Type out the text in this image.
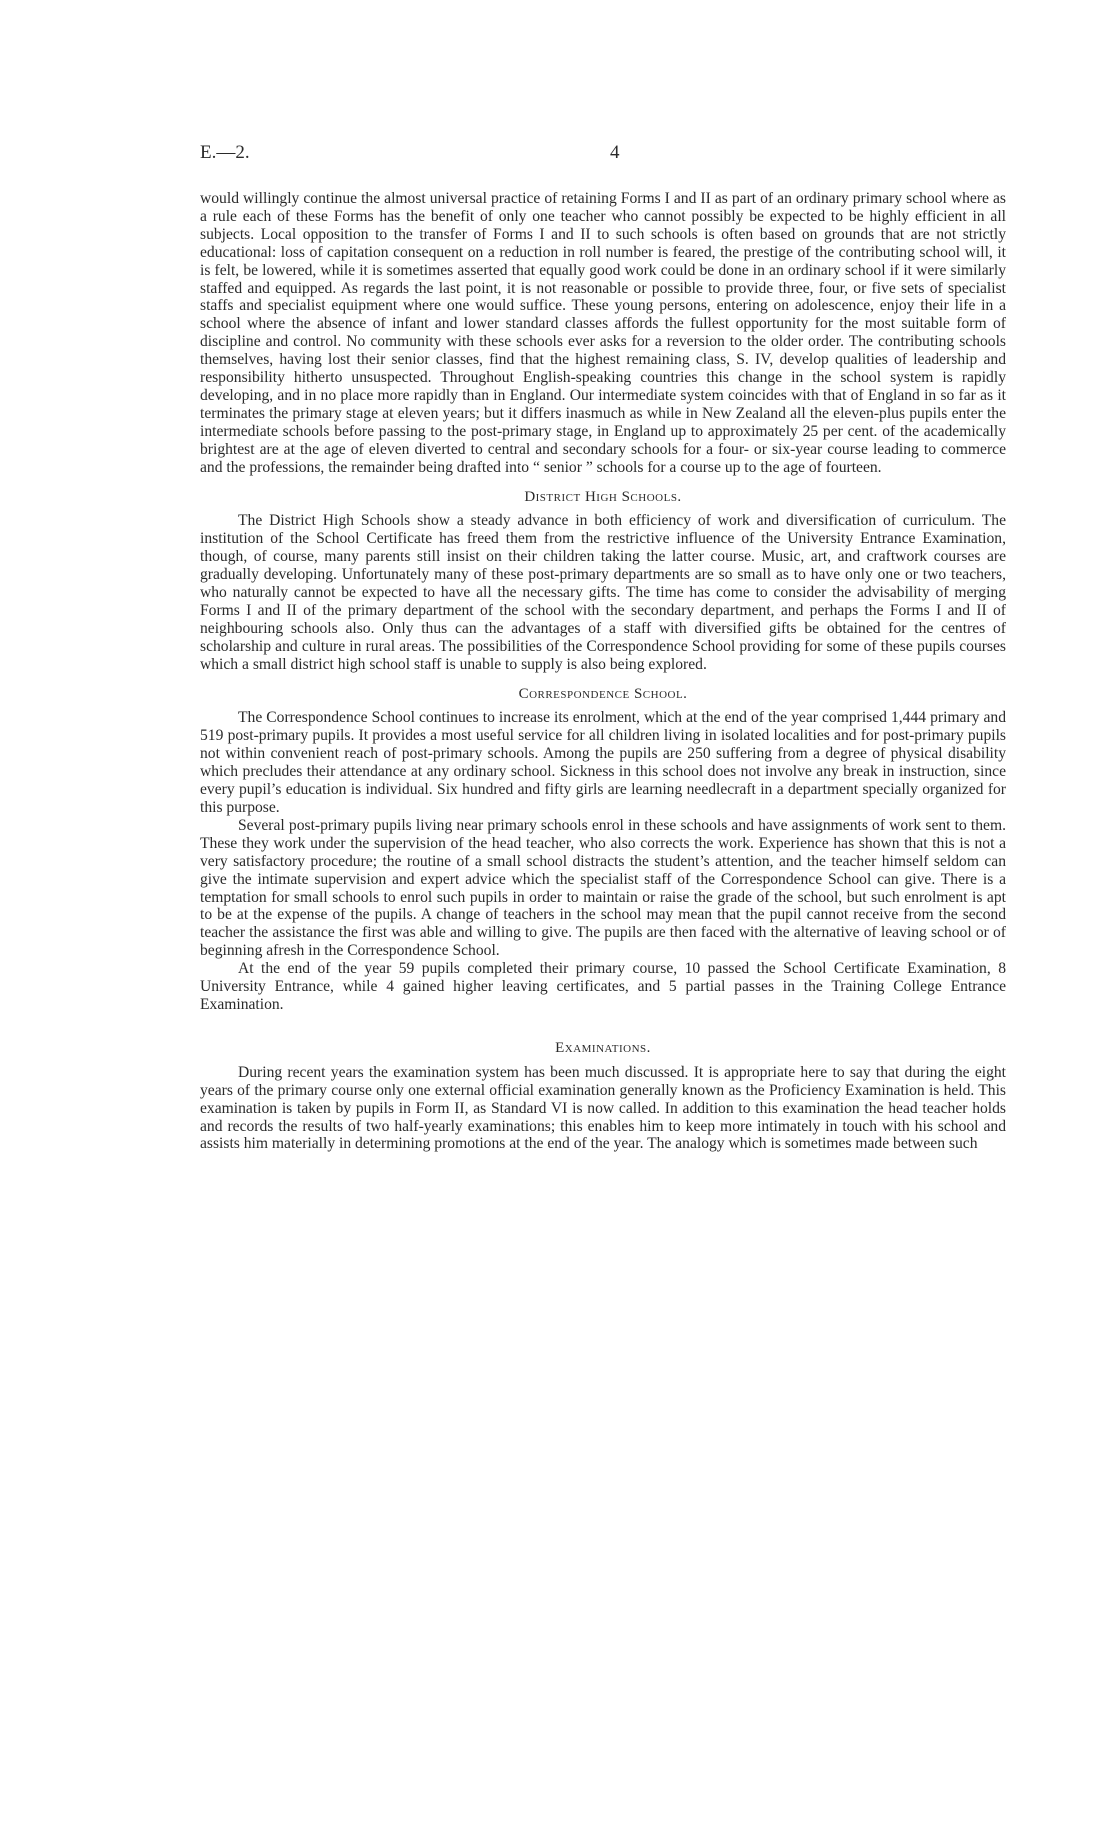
E.—2.	4

would willingly continue the almost universal practice of retaining Forms I and II as part of an ordinary primary school where as a rule each of these Forms has the benefit of only one teacher who cannot possibly be expected to be highly efficient in all subjects. Local opposition to the transfer of Forms I and II to such schools is often based on grounds that are not strictly educational: loss of capitation consequent on a reduction in roll number is feared, the prestige of the contributing school will, it is felt, be lowered, while it is sometimes asserted that equally good work could be done in an ordinary school if it were similarly staffed and equipped. As regards the last point, it is not reasonable or possible to provide three, four, or five sets of specialist staffs and specialist equipment where one would suffice. These young persons, entering on adolescence, enjoy their life in a school where the absence of infant and lower standard classes affords the fullest opportunity for the most suitable form of discipline and control. No community with these schools ever asks for a reversion to the older order. The contributing schools themselves, having lost their senior classes, find that the highest remaining class, S. IV, develop qualities of leadership and responsibility hitherto unsuspected. Throughout English-speaking countries this change in the school system is rapidly developing, and in no place more rapidly than in England. Our intermediate system coincides with that of England in so far as it terminates the primary stage at eleven years; but it differs inasmuch as while in New Zealand all the eleven-plus pupils enter the intermediate schools before passing to the post-primary stage, in England up to approximately 25 per cent. of the academically brightest are at the age of eleven diverted to central and secondary schools for a four- or six-year course leading to commerce and the professions, the remainder being drafted into “ senior ” schools for a course up to the age of fourteen.

District High Schools.

The District High Schools show a steady advance in both efficiency of work and diversification of curriculum. The institution of the School Certificate has freed them from the restrictive influence of the University Entrance Examination, though, of course, many parents still insist on their children taking the latter course. Music, art, and craftwork courses are gradually developing. Unfortunately many of these post-primary departments are so small as to have only one or two teachers, who naturally cannot be expected to have all the necessary gifts. The time has come to consider the advisability of merging Forms I and II of the primary department of the school with the secondary department, and perhaps the Forms I and II of neighbouring schools also. Only thus can the advantages of a staff with diversified gifts be obtained for the centres of scholarship and culture in rural areas. The possibilities of the Correspondence School providing for some of these pupils courses which a small district high school staff is unable to supply is also being explored.

Correspondence School.

The Correspondence School continues to increase its enrolment, which at the end of the year comprised 1,444 primary and 519 post-primary pupils. It provides a most useful service for all children living in isolated localities and for post-primary pupils not within convenient reach of post-primary schools. Among the pupils are 250 suffering from a degree of physical disability which precludes their attendance at any ordinary school. Sickness in this school does not involve any break in instruction, since every pupil’s education is individual. Six hundred and fifty girls are learning needlecraft in a department specially organized for this purpose.

Several post-primary pupils living near primary schools enrol in these schools and have assignments of work sent to them. These they work under the supervision of the head teacher, who also corrects the work. Experience has shown that this is not a very satisfactory procedure; the routine of a small school distracts the student’s attention, and the teacher himself seldom can give the intimate supervision and expert advice which the specialist staff of the Correspondence School can give. There is a temptation for small schools to enrol such pupils in order to maintain or raise the grade of the school, but such enrolment is apt to be at the expense of the pupils. A change of teachers in the school may mean that the pupil cannot receive from the second teacher the assistance the first was able and willing to give. The pupils are then faced with the alternative of leaving school or of beginning afresh in the Correspondence School.

At the end of the year 59 pupils completed their primary course, 10 passed the School Certificate Examination, 8 University Entrance, while 4 gained higher leaving certificates, and 5 partial passes in the Training College Entrance Examination.

Examinations.

During recent years the examination system has been much discussed. It is appropriate here to say that during the eight years of the primary course only one external official examination generally known as the Proficiency Examination is held. This examination is taken by pupils in Form II, as Standard VI is now called. In addition to this examination the head teacher holds and records the results of two half-yearly examinations; this enables him to keep more intimately in touch with his school and assists him materially in determining promotions at the end of the year. The analogy which is sometimes made between such
